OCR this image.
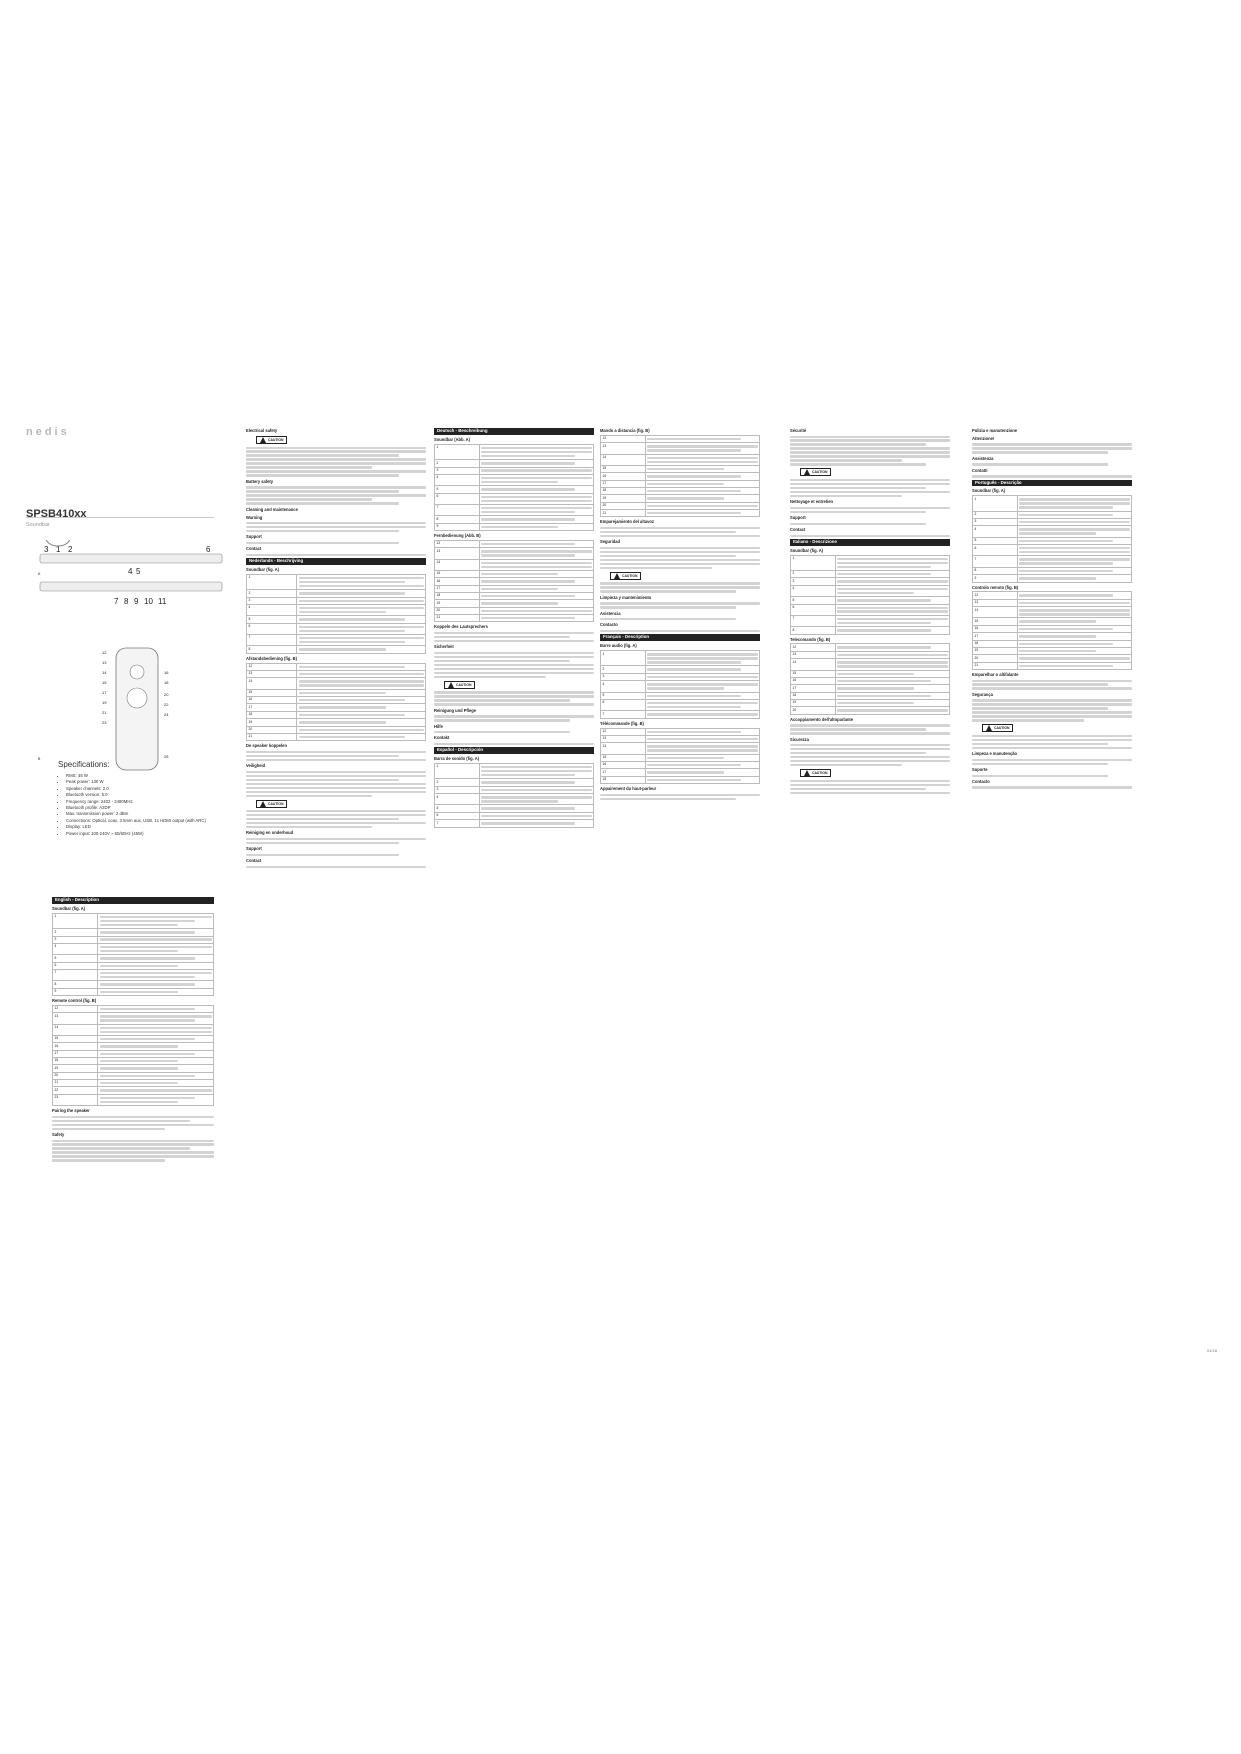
nedis
SPSB410xx
Soundbar
3 1 2	6
A	4 5
7 8 9 10 11
B
12
13
14
15
17
19
21
23
16
18
20
22
24
25
Specifications:
• RMS: 45 W
• Peak power: 130 W
• Speaker channels: 2.0
• Bluetooth version: 5.0
• Frequency range: 2402 - 2480MHz
• Bluetooth profile: A2DP
• Max. transmission power: 2 dBm
• Connections: Optical, coax, 3.5mm aux, USB, 1x HDMI output (with ARC)
• Display: LED
• Power input: 100-240V ~ 50/60Hz (45W)
English - Description
Soundbar (fig. A)
1	

2	

3	

4	

5	

6	

7	

8	

9	
Remote control (fig. B)
12	

13	

14	

15	

16	

17	

18	

19	

20	

21	

22	

23	
Pairing the speaker
Safety
Electrical safety
CAUTION
Battery safety
Cleaning and maintenance
Warning
Support
Contact
Nederlands - Beschrijving
Soundbar (fig. A)
1	

2	

3	

4	

5	

6	

7	

8	
Afstandsbediening (fig. B)
12	

13	

14	

15	

16	

17	

18	

19	

20	

21	
De speaker koppelen
Veiligheid
CAUTION
Reiniging en onderhoud
Support
Contact
Deutsch - Beschreibung
Soundbar (Abb. A)
1	

2	

3	

4	

5	

6	

7	

8	

9	
Fernbedienung (Abb. B)
12	

13	

14	

15	

16	

17	

18	

19	

20	

21	
Koppeln des Lautsprechers
Sicherheit
CAUTION
Reinigung und Pflege
Hilfe
Kontakt
Español - Descripción
Barra de sonido (fig. A)
1	

2	

3	

4	

5	

6	

7	
Mando a distancia (fig. B)
12	

13	

14	

15	

16	

17	

18	

19	

20	

21	
Emparejamiento del altavoz
Seguridad
CAUTION
Limpieza y mantenimiento
Asistencia
Contacto
Français - Description
Barre audio (fig. A)
1	

2	

3	

4	

5	

6	

7	
Télécommande (fig. B)
12	

13	

14	

15	

16	

17	

18	
Appairement du haut-parleur
Sécurité
CAUTION
Nettoyage et entretien
Support
Contact
Italiano - Descrizione
Soundbar (fig. A)
1	

2	

3	

4	

5	

6	

7	

8	
Telecomando (fig. B)
12	

13	

14	

15	

16	

17	

18	

19	

20	
Accoppiamento dell'altoparlante
Sicurezza
CAUTION
Pulizia e manutenzione
Attenzione!
Assistenza
Contatti
Português - Descrição
Soundbar (fig. A)
1	

2	

3	

4	

5	

6	

7	

8	

9	
Controlo remoto (fig. B)
12	

13	

14	

15	

16	

17	

18	

19	

20	

21	
Emparelhar o altifalante
Segurança
CAUTION
Limpeza e manutenção
Suporte
Contacto
01/18
